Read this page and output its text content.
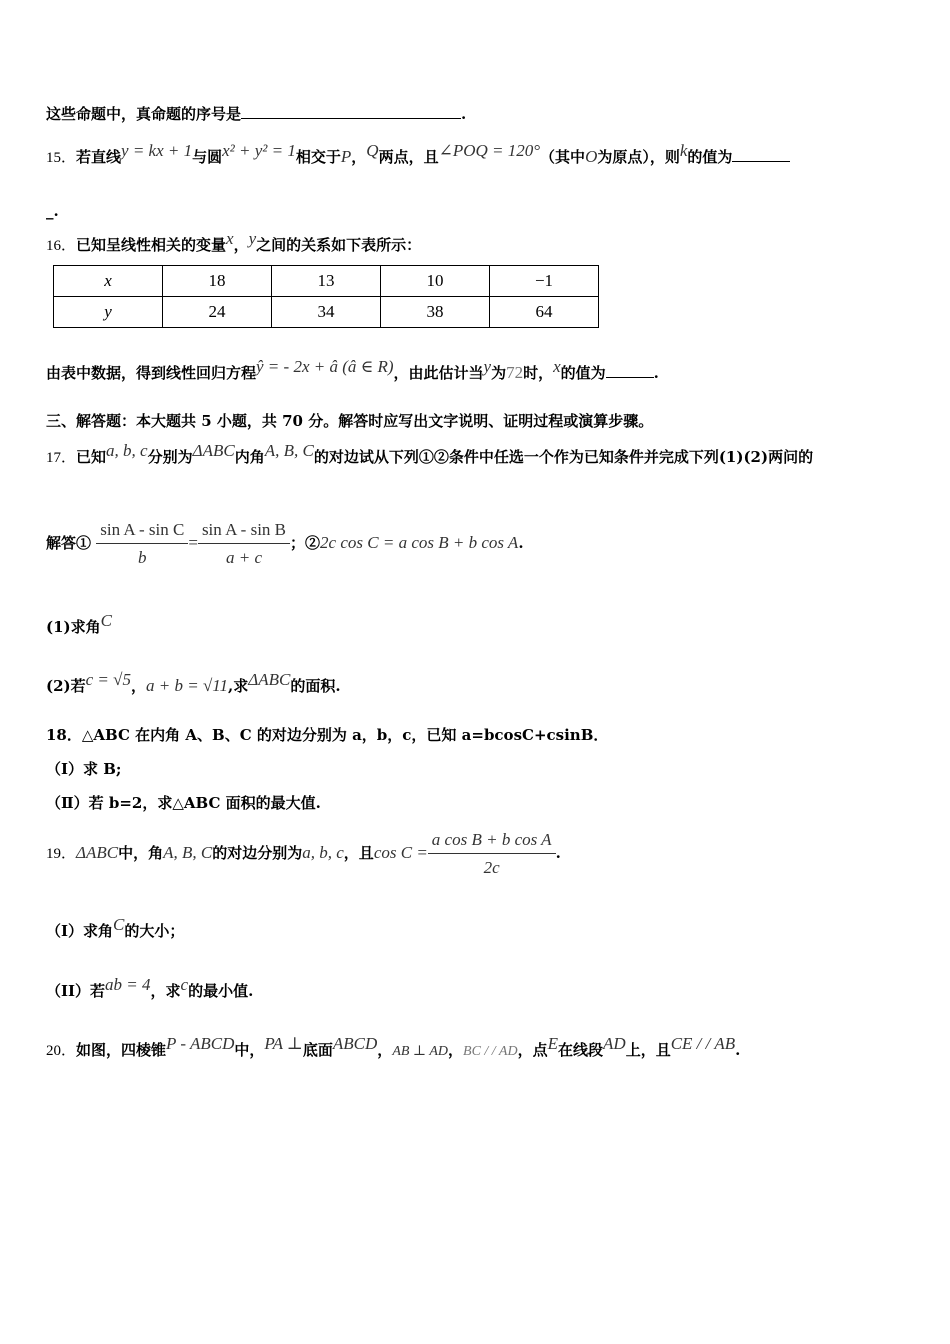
这些命题中，真命题的序号是	.
15．若直线y = kx + 1与圆x² + y² = 1相交于P，Q两点，且∠POQ = 120°（其中O为原点），则k的值为
_.
16．已知呈线性相关的变量x，y之间的关系如下表所示：
x	18	13	10	−1
y	24	34	38	64
由表中数据，得到线性回归方程ŷ = - 2x + â (â ∈ R)，由此估计当y为72时，x的值为	.
三、解答题：本大题共 5 小题，共 70 分。解答时应写出文字说明、证明过程或演算步骤。
17．已知a, b, c分别为ΔABC内角A, B, C的对边试从下列①②条件中任选一个作为已知条件并完成下列(1)(2)两问的
解答① $\frac{\text{sin A - sin C}}{b} = \frac{\text{sin A - sin B}}{a + c}$ ；②2c cos C = a cos B + b cos A.
(1)求角C
(2)若c = √5，a + b = √11,求ΔABC的面积.
18．△ABC 在内角 A、B、C 的对边分别为 a，b，c，已知 a=bcosC+csinB．
（Ⅰ）求 B;
（Ⅱ）若 b=2，求△ABC 面积的最大值.
19．ΔABC中，角A, B, C的对边分别为a, b, c，且$\cos C = \frac{\text{a cos B + b cos A}}{2c}$ .
（I）求角C的大小；
（II）若ab = 4，求c的最小值.
20．如图，四棱锥P - ABCD中，PA ⊥底面ABCD，AB ⊥ AD，BC / / AD，点E在线段AD上，且CE / / AB.
